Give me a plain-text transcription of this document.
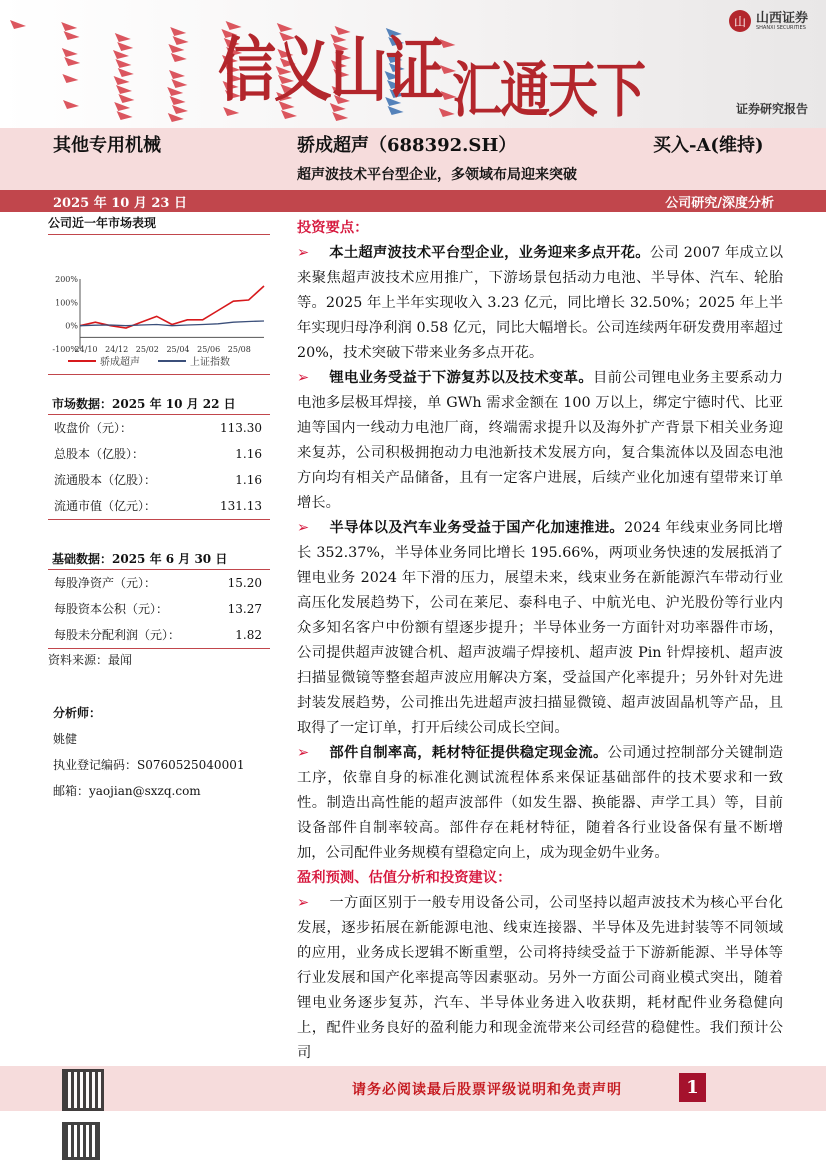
信义山证 汇通天下
山 山西证券
SHANXI SECURITIES
证券研究报告
其他专用机械	骄成超声（688392.SH）	买入-A(维持)
超声波技术平台型企业，多领域布局迎来突破
2025 年 10 月 23 日	公司研究/深度分析
公司近一年市场表现
-100%
0%
100%
200%
24/10 24/12 25/02 25/04 25/06 25/08
骄成超声	上证指数
市场数据：2025 年 10 月 22 日
收盘价（元）：	113.30
总股本（亿股）：	1.16
流通股本（亿股）：	1.16
流通市值（亿元）：	131.13
基础数据：2025 年 6 月 30 日
每股净资产（元）：	15.20
每股资本公积（元）：	13.27
每股未分配利润（元）：	1.82
资料来源：最闻
分析师：
姚健
执业登记编码：S0760525040001
邮箱：yaojian@sxzq.com
投资要点：
➢ 本土超声波技术平台型企业，业务迎来多点开花。公司 2007 年成立以来聚焦超声波技术应用推广，下游场景包括动力电池、半导体、汽车、轮胎等。2025 年上半年实现收入 3.23 亿元，同比增长 32.50%；2025 年上半年实现归母净利润 0.58 亿元，同比大幅增长。公司连续两年研发费用率超过 20%，技术突破下带来业务多点开花。
➢ 锂电业务受益于下游复苏以及技术变革。目前公司锂电业务主要系动力电池多层极耳焊接，单 GWh 需求金额在 100 万以上，绑定宁德时代、比亚迪等国内一线动力电池厂商，终端需求提升以及海外扩产背景下相关业务迎来复苏，公司积极拥抱动力电池新技术发展方向，复合集流体以及固态电池方向均有相关产品储备，且有一定客户进展，后续产业化加速有望带来订单增长。
➢ 半导体以及汽车业务受益于国产化加速推进。2024 年线束业务同比增长 352.37%，半导体业务同比增长 195.66%，两项业务快速的发展抵消了锂电业务 2024 年下滑的压力，展望未来，线束业务在新能源汽车带动行业高压化发展趋势下，公司在莱尼、泰科电子、中航光电、沪光股份等行业内众多知名客户中份额有望逐步提升；半导体业务一方面针对功率器件市场，公司提供超声波键合机、超声波端子焊接机、超声波 Pin 针焊接机、超声波扫描显微镜等整套超声波应用解决方案，受益国产化率提升；另外针对先进封装发展趋势，公司推出先进超声波扫描显微镜、超声波固晶机等产品，且取得了一定订单，打开后续公司成长空间。
➢ 部件自制率高，耗材特征提供稳定现金流。公司通过控制部分关键制造工序，依靠自身的标准化测试流程体系来保证基础部件的技术要求和一致性。制造出高性能的超声波部件（如发生器、换能器、声学工具）等，目前设备部件自制率较高。部件存在耗材特征，随着各行业设备保有量不断增加，公司配件业务规模有望稳定向上，成为现金奶牛业务。
盈利预测、估值分析和投资建议：
➢ 一方面区别于一般专用设备公司，公司坚持以超声波技术为核心平台化发展，逐步拓展在新能源电池、线束连接器、半导体及先进封装等不同领域的应用，业务成长逻辑不断重塑，公司将持续受益于下游新能源、半导体等行业发展和国产化率提高等因素驱动。另外一方面公司商业模式突出，随着锂电业务逐步复苏，汽车、半导体业务进入收获期，耗材配件业务稳健向上，配件业务良好的盈利能力和现金流带来公司经营的稳健性。我们预计公司
请务必阅读最后股票评级说明和免责声明	1
